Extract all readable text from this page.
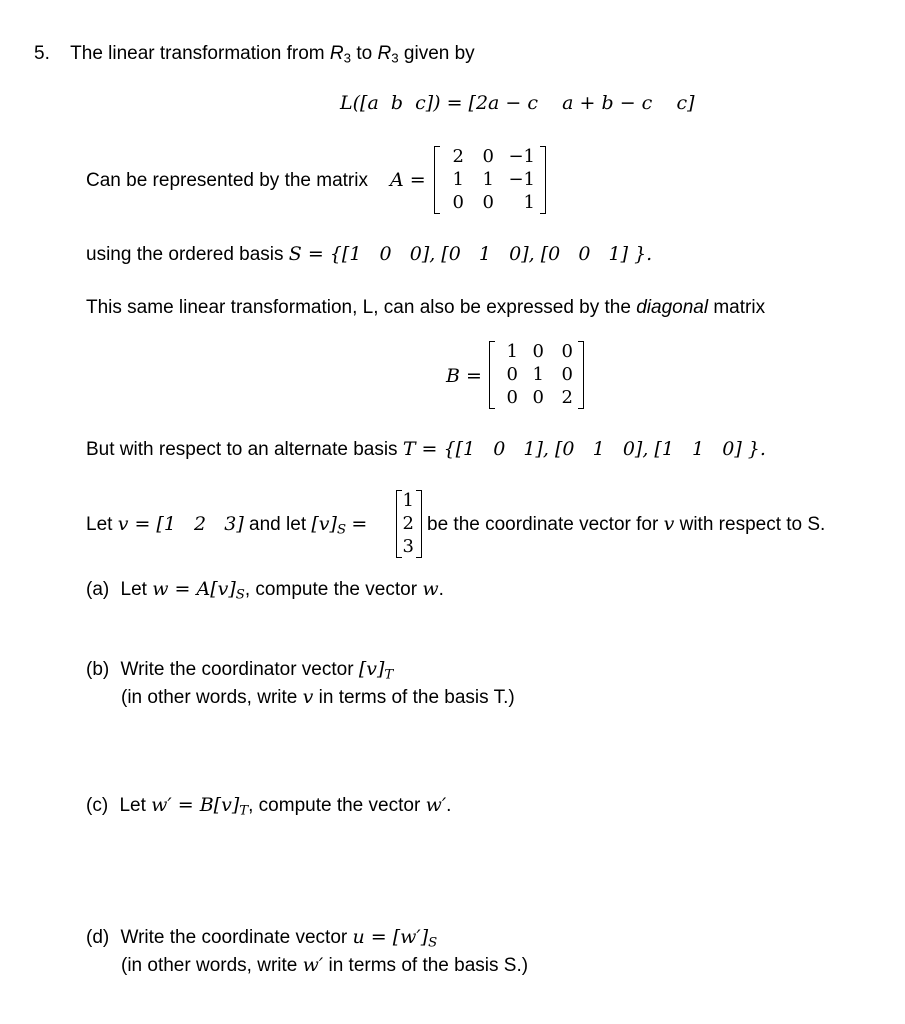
5. The linear transformation from $R_3$ to $R_3$ given by
L([a  b  c]) = [2a − c    a + b − c    c]
Can be represented by the matrix A =
2 0 −1
1 1 −1
0 0 1
using the ordered basis S = {[1   0   0], [0   1   0], [0   0   1] }.
This same linear transformation, L, can also be expressed by the diagonal matrix
B =
1 0 0
0 1 0
0 0 2
But with respect to an alternate basis T = {[1   0   1], [0   1   0], [1   1   0] }.
Let v = [1   2   3] and let $[v]_S$ =
1
2
3
be the coordinate vector for v with respect to S.
(a) Let $w = A[v]_S$, compute the vector w.
(b) Write the coordinator vector $[v]_T$
(in other words, write v in terms of the basis T.)
(c) Let $w' = B[v]_T$, compute the vector w′.
(d) Write the coordinate vector $u = [w']_S$
(in other words, write w′ in terms of the basis S.)
